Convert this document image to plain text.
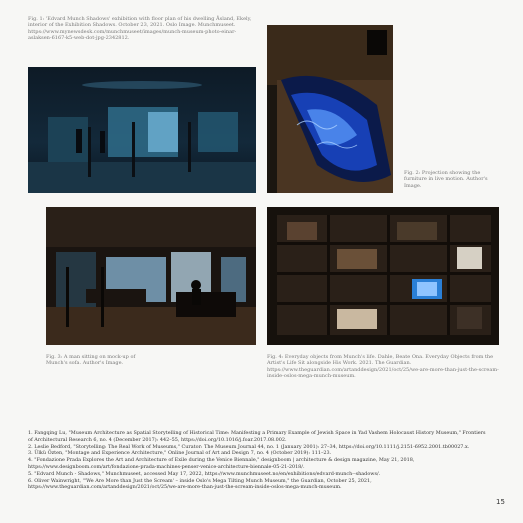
Fig. 1: 'Edvard Munch Shadows' exhibition with floor plan of his dwelling Åsland, Ekely, interior of the Exhibition Shadows. October 23, 2021. Oslo Image. Munchmuseet. https://www.mynewsdesk.com/munchmuseet/images/munch-museum-photo-einar-aslaksen-6167-k5-web-dot-jpg-2342812.
Fig. 2: Projection showing the furniture in live motion. Author's Image.
Fig. 3: A man sitting on mock-up of Munch's sofa. Author's Image.
Fig. 4: Everyday objects from Munch's life. Dahle, Beate Ona. Everyday Objects from the Artist's Life Sit alongside His Work. 2021. The Guardian. https://www.theguardian.com/artanddesign/2021/oct/25/we-are-more-than-just-the-scream-inside-oslos-mega-munch-museum.
1. Fangqing Lu, "Museum Architecture as Spatial Storytelling of Historical Time: Manifesting a Primary Example of Jewish Space in Yad Vashem Holocaust History Museum," Frontiers of Architectural Research 6, no. 4 (December 2017): 442–55, https://doi.org/10.1016/j.foar.2017.08.002.
2. Leslie Bedford, "Storytelling: The Real Work of Museums," Curator: The Museum Journal 44, no. 1 (January 2001): 27–34, https://doi.org/10.1111/j.2151-6952.2001.tb00027.x.
3. Ülkü Özten, "Montage and Experience Architecture," Online Journal of Art and Design 7, no. 4 (October 2019): 111–23.
4. "Fondazione Prada Explores the Art and Architecture of Exile during the Venice Biennale," designboom | architecture & design magazine, May 21, 2018, https://www.designboom.com/art/fondazione-prada-machines-penser-venice-architecture-biennale-05-21-2018/.
5. "Edvard Munch - Shadows," Munchmuseet, accessed May 17, 2022, https://www.munchmuseet.no/en/exhibitions/edvard-munch--shadows/.
6. Oliver Wainwright, "'We Are More than Just the Scream' – inside Oslo's Mega Tilting Munch Museum," the Guardian, October 25, 2021, https://www.theguardian.com/artanddesign/2021/oct/25/we-are-more-than-just-the-scream-inside-oslos-mega-munch-museum.
15
